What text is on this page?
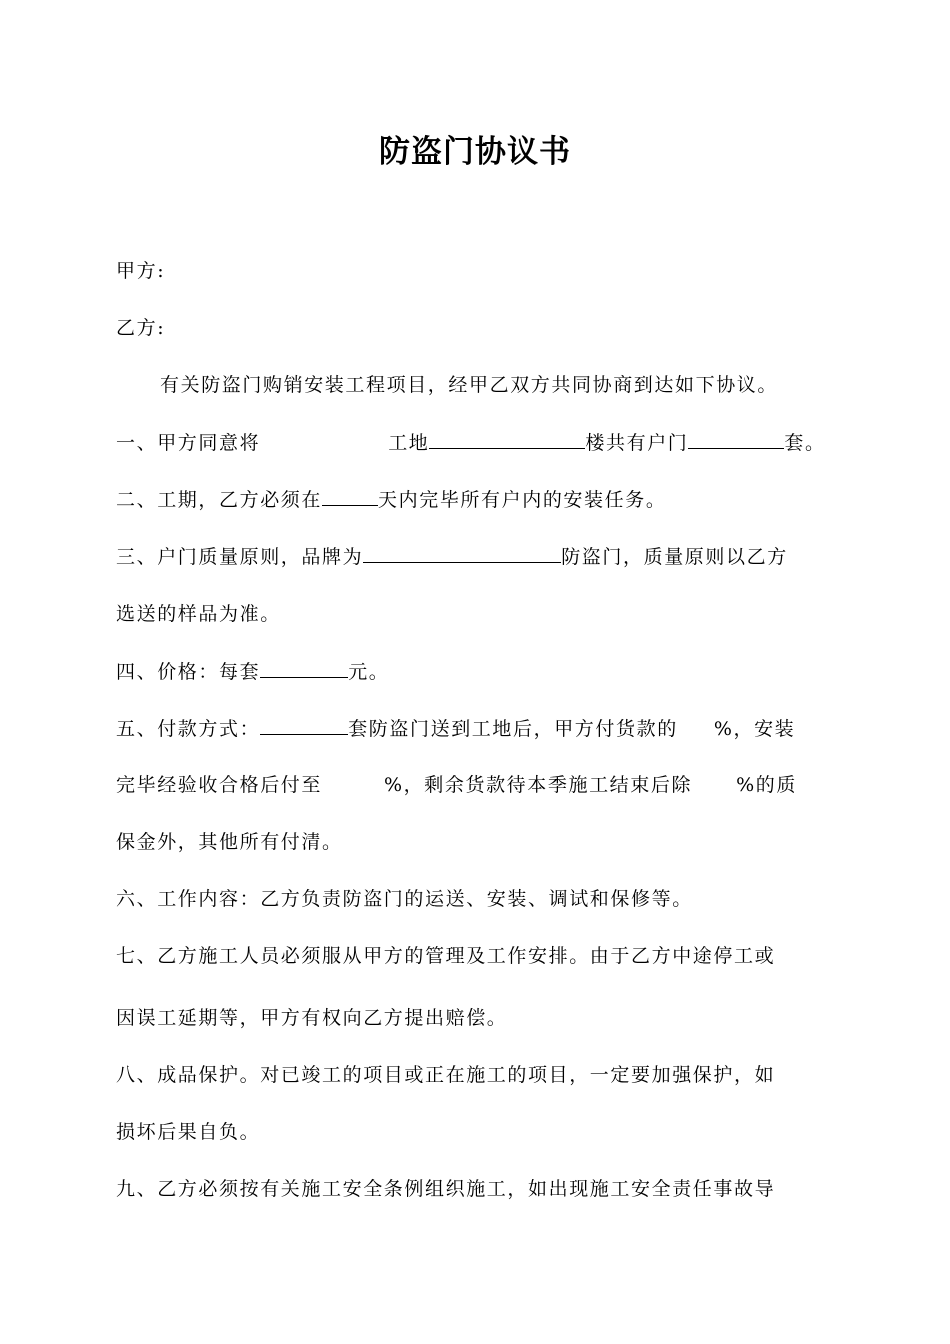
防盗门协议书
甲方:
乙方:
有关防盗门购销安装工程项目，经甲乙双方共同协商到达如下协议。
一、甲方同意将	工地	楼共有户门	套。
二、工期，乙方必须在	天内完毕所有户内的安装任务。
三、户门质量原则，品牌为	防盗门，质量原则以乙方
选送的样品为准。
四、价格：每套	元。
五、付款方式：	套防盗门送到工地后，甲方付货款的 %，安装
完毕经验收合格后付至	%，剩余货款待本季施工结束后除 %的质
保金外，其他所有付清。
六、工作内容：乙方负责防盗门的运送、安装、调试和保修等。
七、乙方施工人员必须服从甲方的管理及工作安排。由于乙方中途停工或
因误工延期等，甲方有权向乙方提出赔偿。
八、成品保护。对已竣工的项目或正在施工的项目，一定要加强保护，如
损坏后果自负。
九、乙方必须按有关施工安全条例组织施工，如出现施工安全责任事故导
